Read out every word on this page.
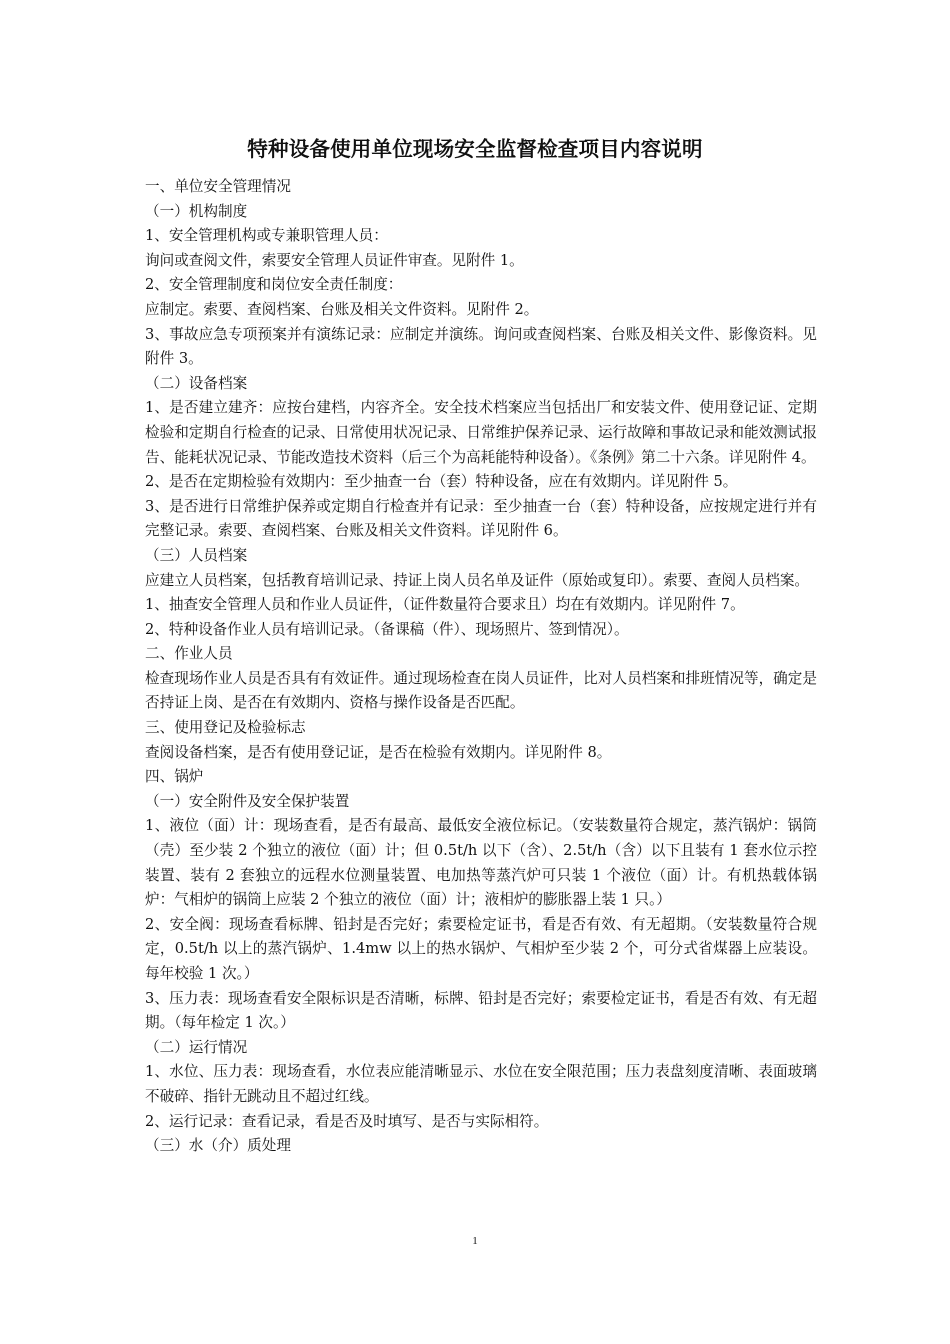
特种设备使用单位现场安全监督检查项目内容说明

一、单位安全管理情况

（一）机构制度

1、安全管理机构或专兼职管理人员：

询问或查阅文件，索要安全管理人员证件审查。见附件 1。

2、安全管理制度和岗位安全责任制度：

应制定。索要、查阅档案、台账及相关文件资料。见附件 2。

3、事故应急专项预案并有演练记录：应制定并演练。询问或查阅档案、台账及相关文件、影像资料。见附件 3。

（二）设备档案

1、是否建立建齐：应按台建档，内容齐全。安全技术档案应当包括出厂和安装文件、使用登记证、定期检验和定期自行检查的记录、日常使用状况记录、日常维护保养记录、运行故障和事故记录和能效测试报告、能耗状况记录、节能改造技术资料（后三个为高耗能特种设备）。《条例》第二十六条。详见附件 4。

2、是否在定期检验有效期内：至少抽查一台（套）特种设备，应在有效期内。详见附件 5。

3、是否进行日常维护保养或定期自行检查并有记录：至少抽查一台（套）特种设备，应按规定进行并有完整记录。索要、查阅档案、台账及相关文件资料。详见附件 6。

（三）人员档案

应建立人员档案，包括教育培训记录、持证上岗人员名单及证件（原始或复印）。索要、查阅人员档案。

1、抽查安全管理人员和作业人员证件，（证件数量符合要求且）均在有效期内。详见附件 7。

2、特种设备作业人员有培训记录。（备课稿（件）、现场照片、签到情况）。

二、作业人员

检查现场作业人员是否具有有效证件。通过现场检查在岗人员证件，比对人员档案和排班情况等，确定是否持证上岗、是否在有效期内、资格与操作设备是否匹配。

三、使用登记及检验标志

查阅设备档案，是否有使用登记证，是否在检验有效期内。详见附件 8。

四、锅炉

（一）安全附件及安全保护装置

1、液位（面）计：现场查看，是否有最高、最低安全液位标记。（安装数量符合规定，蒸汽锅炉：锅筒（壳）至少装 2 个独立的液位（面）计；但 0.5t/h 以下（含）、2.5t/h（含）以下且装有 1 套水位示控装置、装有 2 套独立的远程水位测量装置、电加热等蒸汽炉可只装 1 个液位（面）计。有机热载体锅炉：气相炉的锅筒上应装 2 个独立的液位（面）计；液相炉的膨胀器上装 1 只。）

2、安全阀：现场查看标牌、铅封是否完好；索要检定证书，看是否有效、有无超期。（安装数量符合规定，0.5t/h 以上的蒸汽锅炉、1.4mw 以上的热水锅炉、气相炉至少装 2 个，可分式省煤器上应装设。每年校验 1 次。）

3、压力表：现场查看安全限标识是否清晰，标牌、铅封是否完好；索要检定证书，看是否有效、有无超期。（每年检定 1 次。）

（二）运行情况

1、水位、压力表：现场查看，水位表应能清晰显示、水位在安全限范围；压力表盘刻度清晰、表面玻璃不破碎、指针无跳动且不超过红线。

2、运行记录：查看记录，看是否及时填写、是否与实际相符。

（三）水（介）质处理

1
